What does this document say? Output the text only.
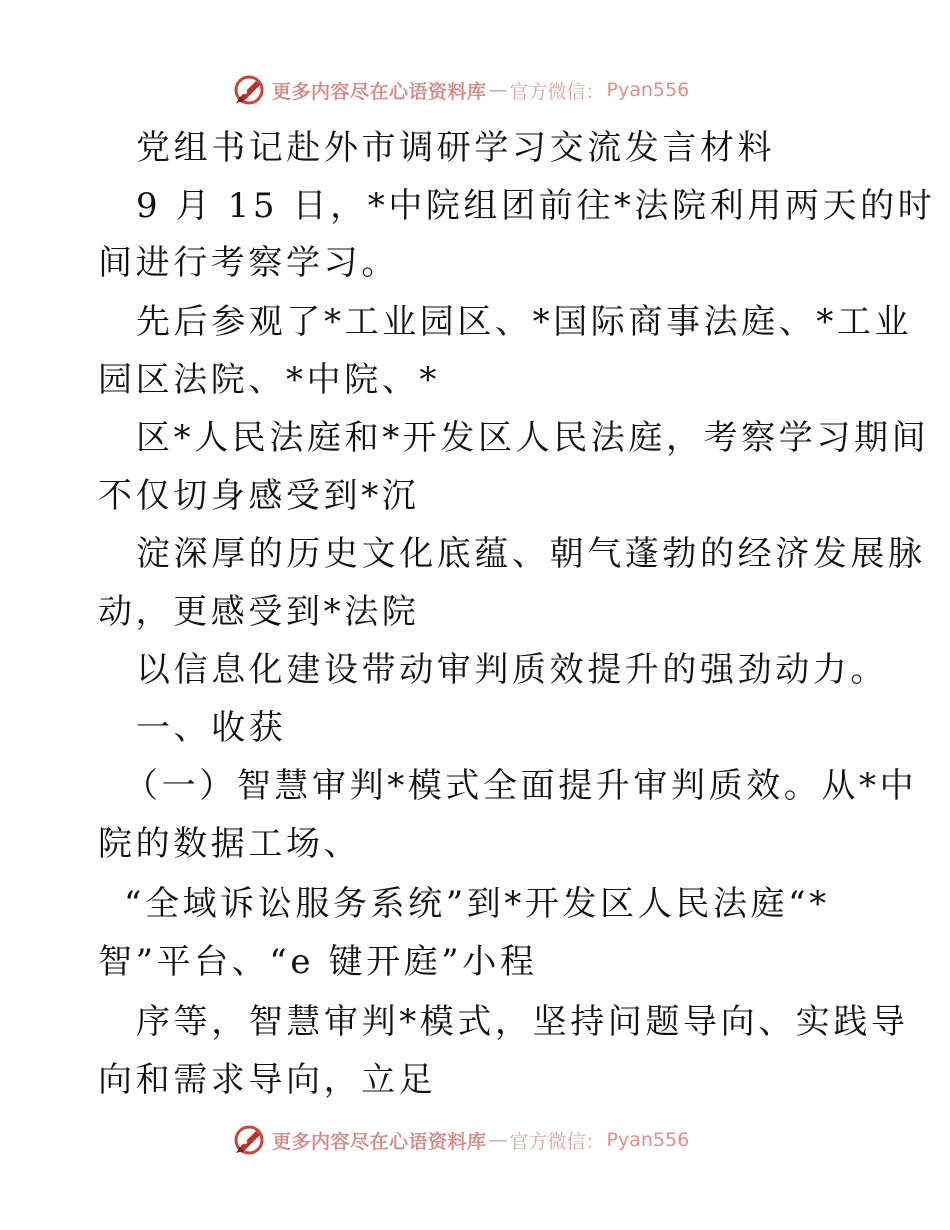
更多内容尽在心语资料库 — 官方微信： Pyan556
党组书记赴外市调研学习交流发言材料
9 月 15 日，*中院组团前往*法院利用两天的时
间进行考察学习。
先后参观了*工业园区、*国际商事法庭、*工业
园区法院、*中院、*
区*人民法庭和*开发区人民法庭，考察学习期间
不仅切身感受到*沉
淀深厚的历史文化底蕴、朝气蓬勃的经济发展脉
动，更感受到*法院
以信息化建设带动审判质效提升的强劲动力。
一、收获
（一）智慧审判*模式全面提升审判质效。从*中
院的数据工场、
“全域诉讼服务系统”到*开发区人民法庭“*
智”平台、“e 键开庭”小程
序等，智慧审判*模式，坚持问题导向、实践导
向和需求导向，立足
更多内容尽在心语资料库 — 官方微信： Pyan556
